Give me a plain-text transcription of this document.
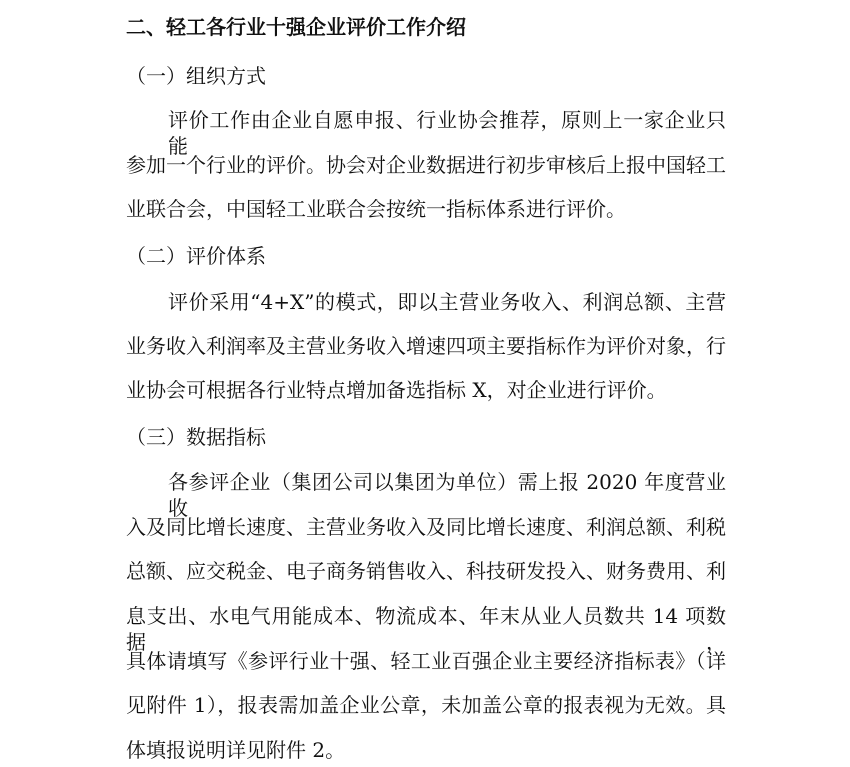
二、轻工各行业十强企业评价工作介绍
（一）组织方式
评价工作由企业自愿申报、行业协会推荐，原则上一家企业只能
参加一个行业的评价。协会对企业数据进行初步审核后上报中国轻工
业联合会，中国轻工业联合会按统一指标体系进行评价。
（二）评价体系
评价采用“4+X”的模式，即以主营业务收入、利润总额、主营
业务收入利润率及主营业务收入增速四项主要指标作为评价对象，行
业协会可根据各行业特点增加备选指标 X，对企业进行评价。
（三）数据指标
各参评企业（集团公司以集团为单位）需上报 2020 年度营业收
入及同比增长速度、主营业务收入及同比增长速度、利润总额、利税
总额、应交税金、电子商务销售收入、科技研发投入、财务费用、利
息支出、水电气用能成本、物流成本、年末从业人员数共 14 项数据，
具体请填写《参评行业十强、轻工业百强企业主要经济指标表》（详
见附件 1），报表需加盖企业公章，未加盖公章的报表视为无效。具
体填报说明详见附件 2。
